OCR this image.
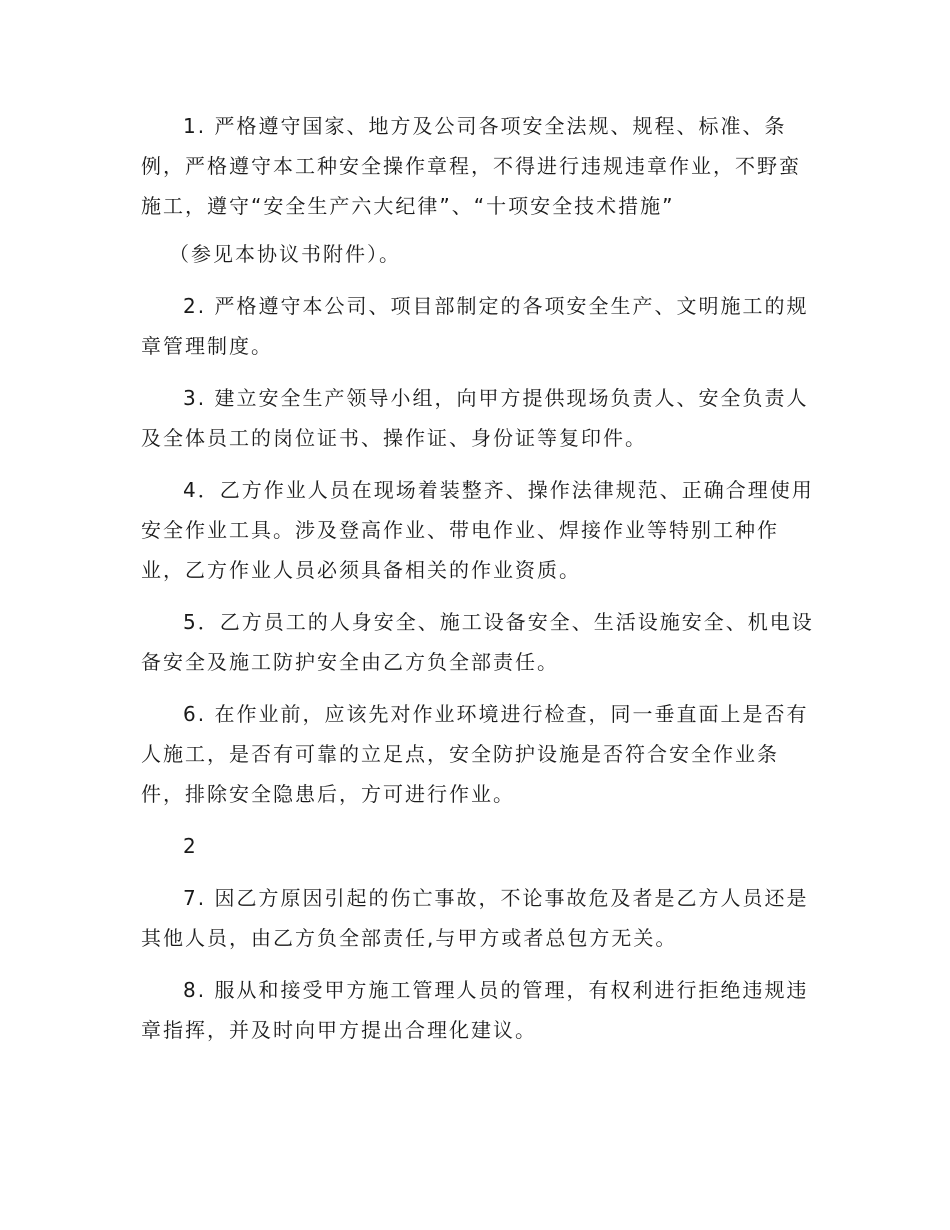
1. 严格遵守国家、地方及公司各项安全法规、规程、标准、条
例，严格遵守本工种安全操作章程，不得进行违规违章作业，不野蛮
施工，遵守“安全生产六大纪律”、“十项安全技术措施”

（参见本协议书附件）。

2. 严格遵守本公司、项目部制定的各项安全生产、文明施工的规
章管理制度。

3. 建立安全生产领导小组，向甲方提供现场负责人、安全负责人
及全体员工的岗位证书、操作证、身份证等复印件。

4．乙方作业人员在现场着装整齐、操作法律规范、正确合理使用
安全作业工具。涉及登高作业、带电作业、焊接作业等特别工种作
业，乙方作业人员必须具备相关的作业资质。

5．乙方员工的人身安全、施工设备安全、生活设施安全、机电设
备安全及施工防护安全由乙方负全部责任。

6. 在作业前，应该先对作业环境进行检查，同一垂直面上是否有
人施工，是否有可靠的立足点，安全防护设施是否符合安全作业条
件，排除安全隐患后，方可进行作业。

2

7. 因乙方原因引起的伤亡事故，不论事故危及者是乙方人员还是
其他人员，由乙方负全部责任,与甲方或者总包方无关。

8. 服从和接受甲方施工管理人员的管理，有权利进行拒绝违规违
章指挥，并及时向甲方提出合理化建议。
